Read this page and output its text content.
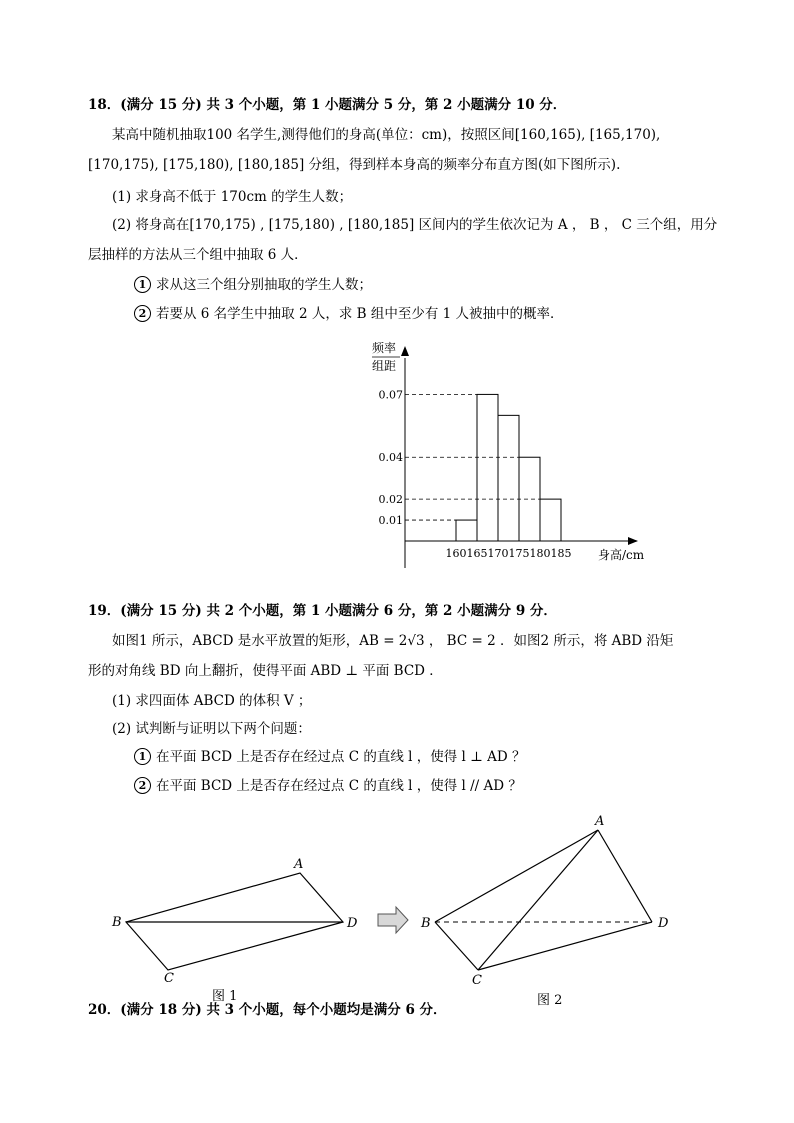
18．(满分 15 分) 共 3 个小题，第 1 小题满分 5 分，第 2 小题满分 10 分．
某高中随机抽取100 名学生,测得他们的身高(单位：cm)，按照区间[160,165), [165,170),
[170,175), [175,180), [180,185] 分组，得到样本身高的频率分布直方图(如下图所示).
(1) 求身高不低于 170cm 的学生人数；
(2) 将身高在[170,175) , [175,180) , [180,185] 区间内的学生依次记为 A ， B ， C 三个组，用分
层抽样的方法从三个组中抽取 6 人．
1 求从这三个组分别抽取的学生人数；
2 若要从 6 名学生中抽取 2 人，求 B 组中至少有 1 人被抽中的概率．
频率
组距
身高/cm
0.01
0.02
0.04
0.07
160 165 170 175 180 185
19．(满分 15 分) 共 2 个小题，第 1 小题满分 6 分，第 2 小题满分 9 分．
如图1 所示，ABCD 是水平放置的矩形，AB = 2√3 ， BC = 2 ．如图2 所示，将 ABD 沿矩
形的对角线 BD 向上翻折，使得平面 ABD ⊥ 平面 BCD ．
(1) 求四面体 ABCD 的体积 V ；
(2) 试判断与证明以下两个问题：
1 在平面 BCD 上是否存在经过点 C 的直线 l ，使得 l ⊥ AD ？
2 在平面 BCD 上是否存在经过点 C 的直线 l ，使得 l // AD ？
A
B
C
D
图 1
A
B
C
D
图 2
20．(满分 18 分) 共 3 个小题，每个小题均是满分 6 分．
